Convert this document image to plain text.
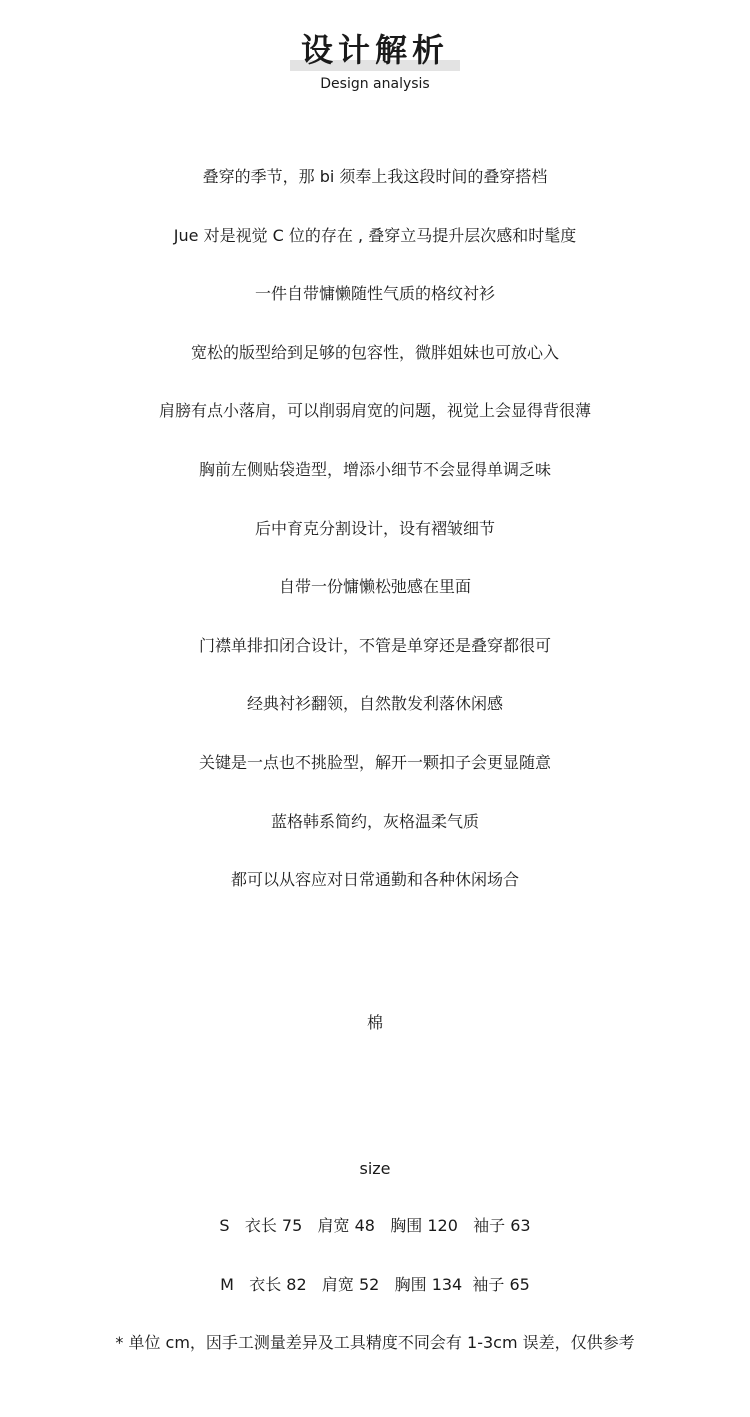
设计解析
Design analysis
叠穿的季节，那 bi 须奉上我这段时间的叠穿搭档
Jue 对是视觉 C 位的存在 , 叠穿立马提升层次感和时髦度
一件自带慵懒随性气质的格纹衬衫
宽松的版型给到足够的包容性，微胖姐妹也可放心入
肩膀有点小落肩，可以削弱肩宽的问题，视觉上会显得背很薄
胸前左侧贴袋造型，增添小细节不会显得单调乏味
后中育克分割设计，设有褶皱细节
自带一份慵懒松弛感在里面
门襟单排扣闭合设计，不管是单穿还是叠穿都很可
经典衬衫翻领，自然散发利落休闲感
关键是一点也不挑脸型，解开一颗扣子会更显随意
蓝格韩系简约，灰格温柔气质
都可以从容应对日常通勤和各种休闲场合
棉
size
S   衣长 75   肩宽 48   胸围 120   袖子 63
M   衣长 82   肩宽 52   胸围 134  袖子 65
* 单位 cm，因手工测量差异及工具精度不同会有 1-3cm 误差，仅供参考
